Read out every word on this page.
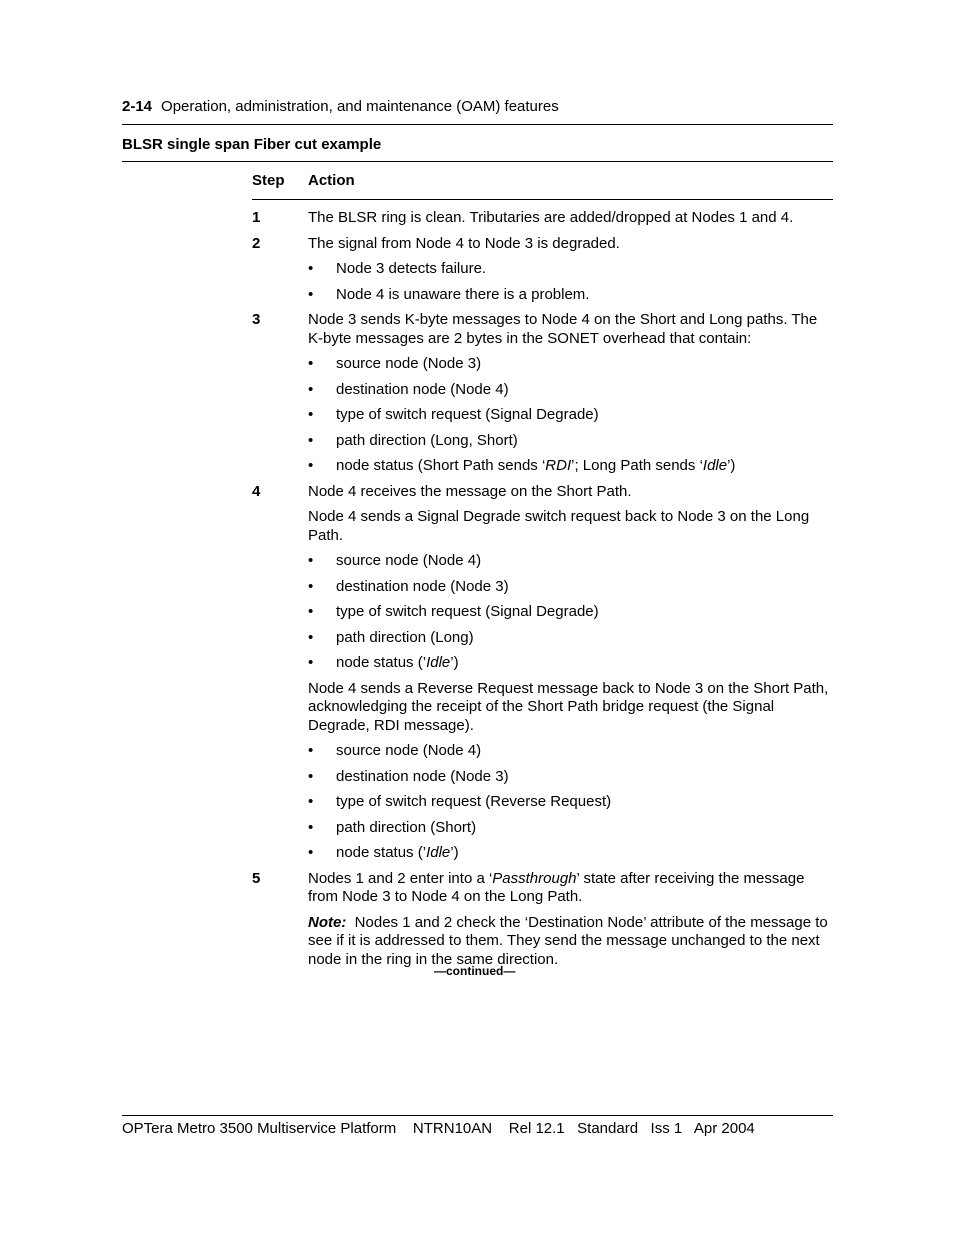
2-14 Operation, administration, and maintenance (OAM) features
BLSR single span Fiber cut example
Step Action
1	The BLSR ring is clean. Tributaries are added/dropped at Nodes 1 and 4.
2	The signal from Node 4 to Node 3 is degraded.
• Node 3 detects failure.
• Node 4 is unaware there is a problem.
3	Node 3 sends K-byte messages to Node 4 on the Short and Long paths. The K-byte messages are 2 bytes in the SONET overhead that contain:
• source node (Node 3)
• destination node (Node 4)
• type of switch request (Signal Degrade)
• path direction (Long, Short)
• node status (Short Path sends ‘RDI’; Long Path sends ‘Idle’)
4	Node 4 receives the message on the Short Path.
Node 4 sends a Signal Degrade switch request back to Node 3 on the Long Path.
• source node (Node 4)
• destination node (Node 3)
• type of switch request (Signal Degrade)
• path direction (Long)
• node status (’Idle’)
Node 4 sends a Reverse Request message back to Node 3 on the Short Path, acknowledging the receipt of the Short Path bridge request (the Signal Degrade, RDI message).
• source node (Node 4)
• destination node (Node 3)
• type of switch request (Reverse Request)
• path direction (Short)
• node status (’Idle’)
5	Nodes 1 and 2 enter into a ‘Passthrough’ state after receiving the message from Node 3 to Node 4 on the Long Path.
Note: Nodes 1 and 2 check the ‘Destination Node’ attribute of the message to see if it is addressed to them. They send the message unchanged to the next node in the ring in the same direction.
—continued—
OPTera Metro 3500 Multiservice Platform    NTRN10AN    Rel 12.1   Standard   Iss 1   Apr 2004
